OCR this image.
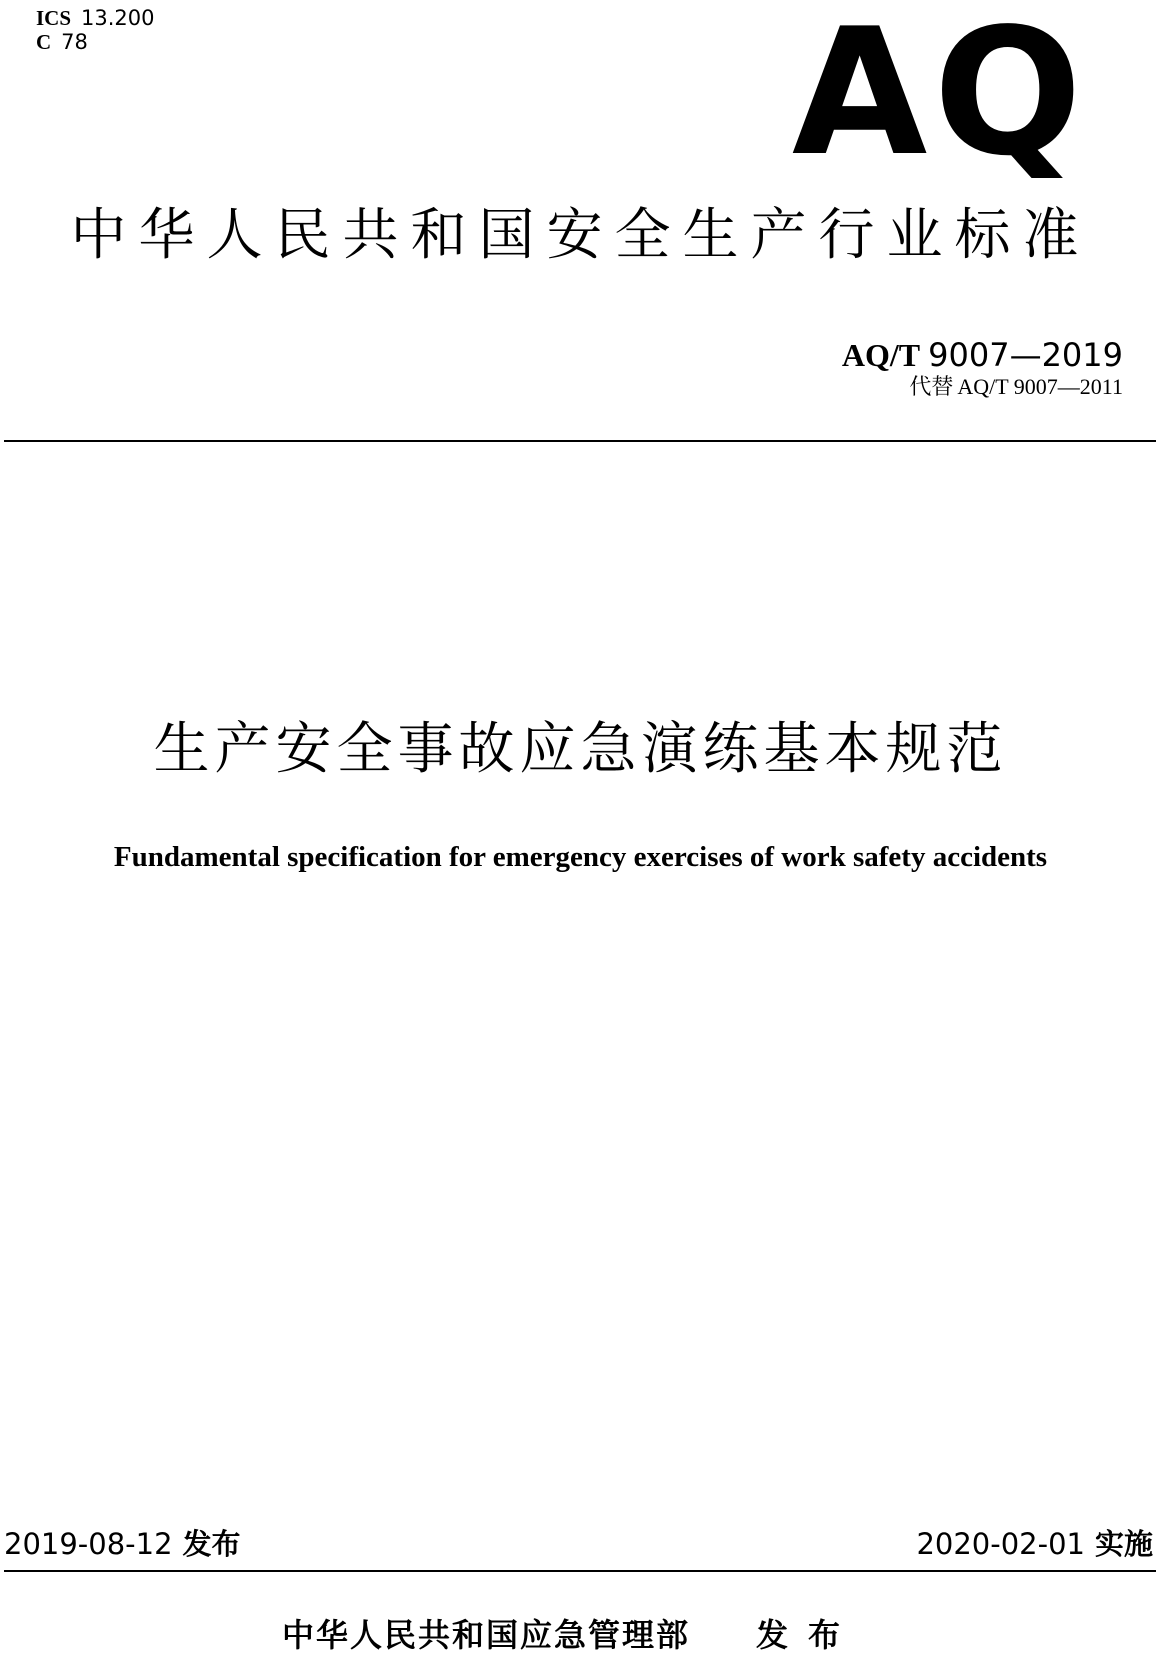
ICS 13.200
C 78	AQ
中华人民共和国安全生产行业标准
AQ/T 9007—2019
代替 AQ/T 9007—2011
生产安全事故应急演练基本规范
Fundamental specification for emergency exercises of work safety accidents
2019-08-12 发布	2020-02-01 实施
中华人民共和国应急管理部 发布
